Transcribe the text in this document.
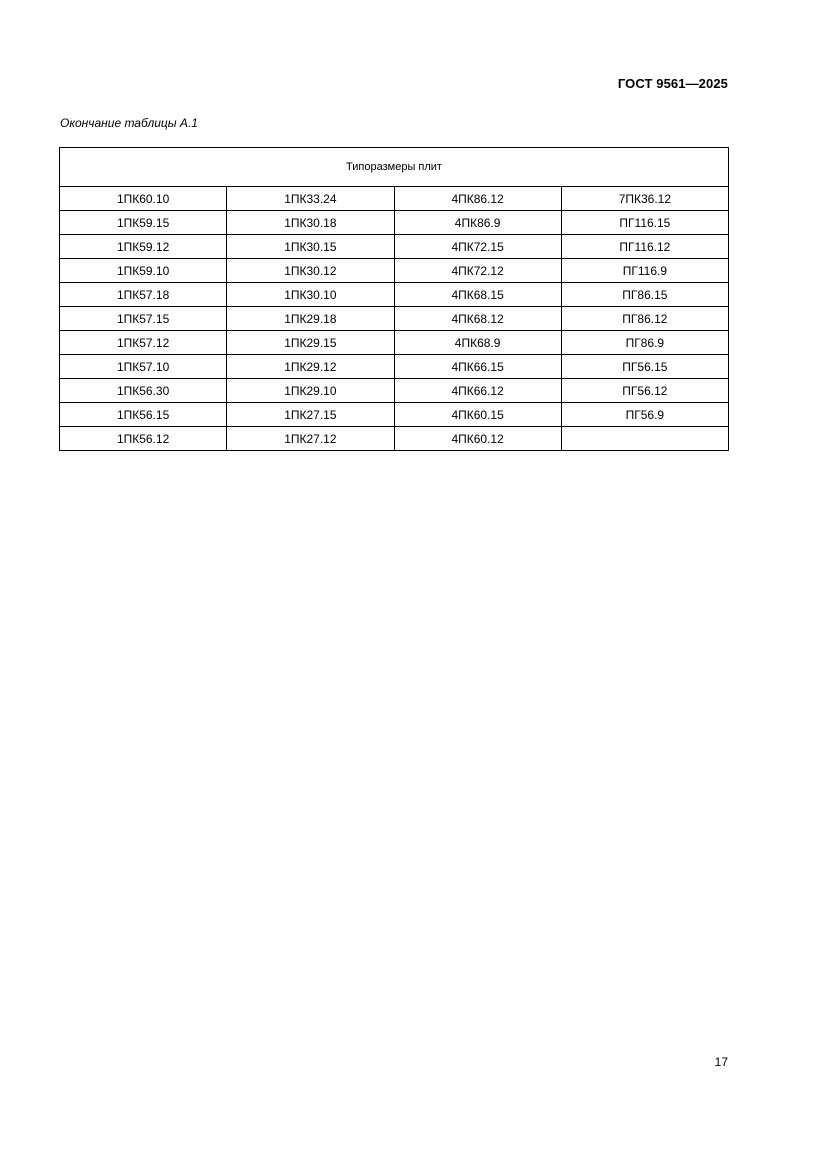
ГОСТ 9561—2025
Окончание таблицы А.1
Типоразмеры плит			
1ПК60.10	1ПК33.24	4ПК86.12	7ПК36.12
1ПК59.15	1ПК30.18	4ПК86.9	ПГ116.15
1ПК59.12	1ПК30.15	4ПК72.15	ПГ116.12
1ПК59.10	1ПК30.12	4ПК72.12	ПГ116.9
1ПК57.18	1ПК30.10	4ПК68.15	ПГ86.15
1ПК57.15	1ПК29.18	4ПК68.12	ПГ86.12
1ПК57.12	1ПК29.15	4ПК68.9	ПГ86.9
1ПК57.10	1ПК29.12	4ПК66.15	ПГ56.15
1ПК56.30	1ПК29.10	4ПК66.12	ПГ56.12
1ПК56.15	1ПК27.15	4ПК60.15	ПГ56.9
1ПК56.12	1ПК27.12	4ПК60.12	
17
